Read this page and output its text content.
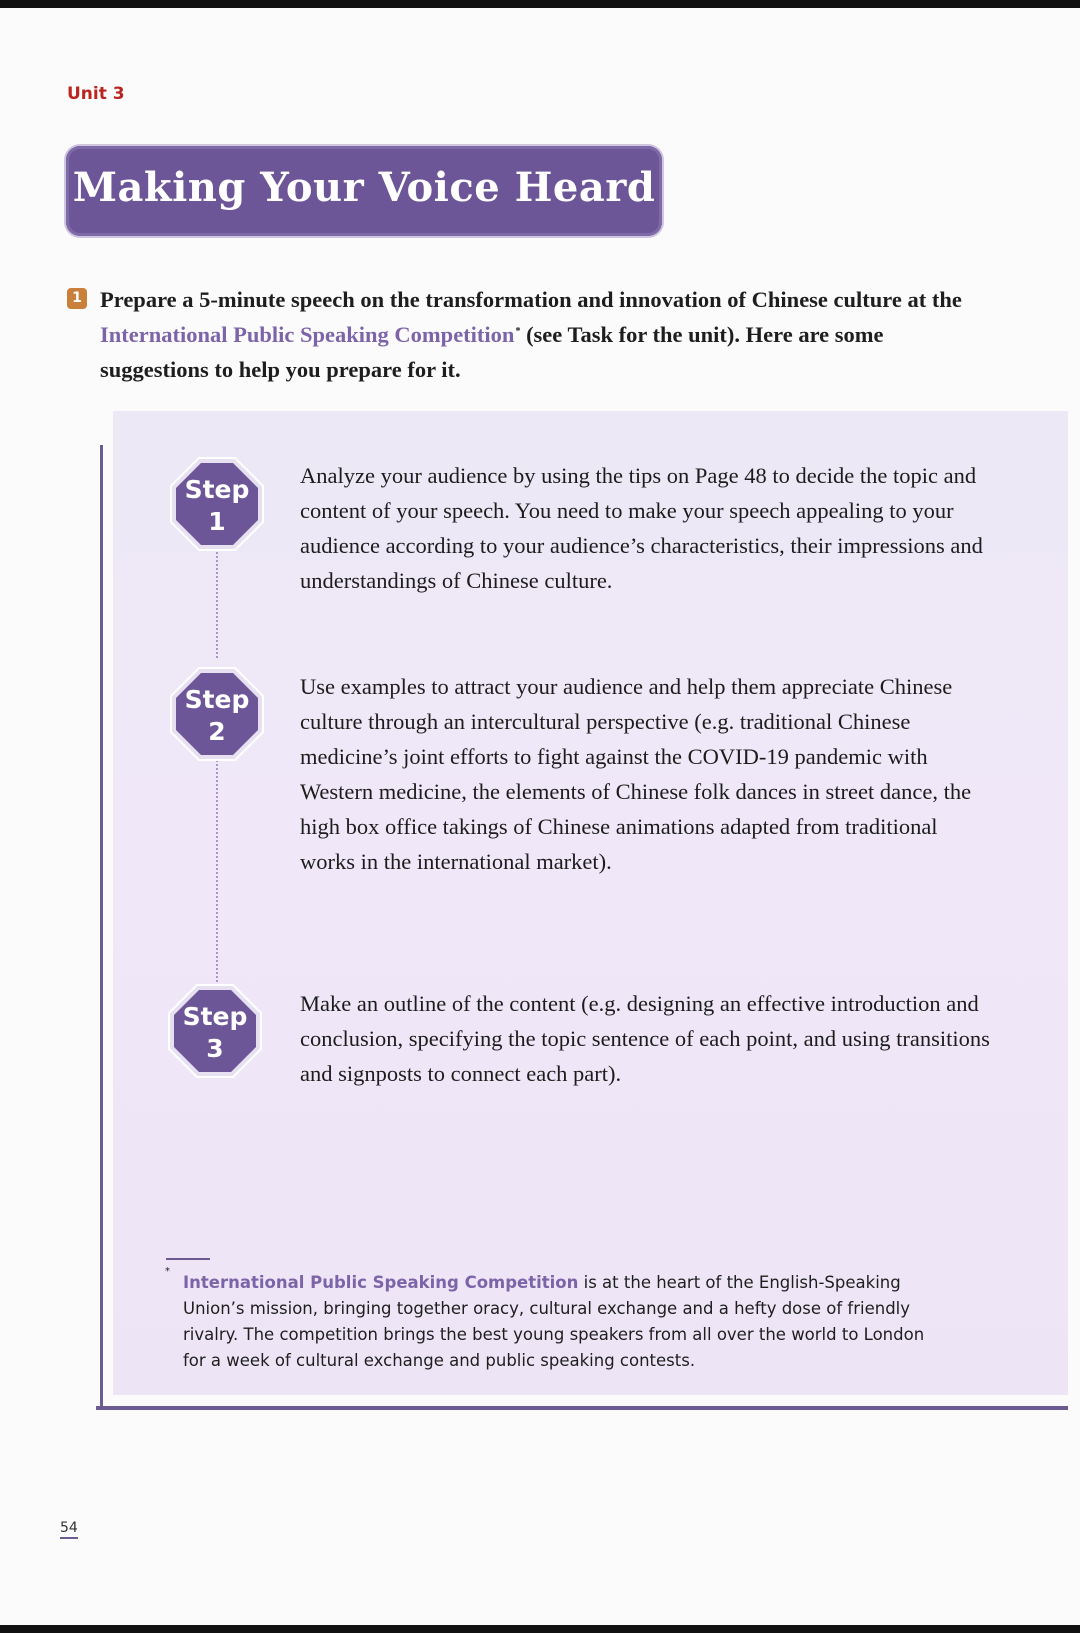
Unit 3
Making Your Voice Heard
1 Prepare a 5-minute speech on the transformation and innovation of Chinese culture at the International Public Speaking Competition* (see Task for the unit). Here are some suggestions to help you prepare for it.
Step
1
Analyze your audience by using the tips on Page 48 to decide the topic and content of your speech. You need to make your speech appealing to your audience according to your audience’s characteristics, their impressions and understandings of Chinese culture.
Step
2
Use examples to attract your audience and help them appreciate Chinese culture through an intercultural perspective (e.g. traditional Chinese medicine’s joint efforts to fight against the COVID-19 pandemic with Western medicine, the elements of Chinese folk dances in street dance, the high box office takings of Chinese animations adapted from traditional works in the international market).
Step
3
Make an outline of the content (e.g. designing an effective introduction and conclusion, specifying the topic sentence of each point, and using transitions and signposts to connect each part).
*
International Public Speaking Competition is at the heart of the English-Speaking Union’s mission, bringing together oracy, cultural exchange and a hefty dose of friendly rivalry. The competition brings the best young speakers from all over the world to London for a week of cultural exchange and public speaking contests.
54
